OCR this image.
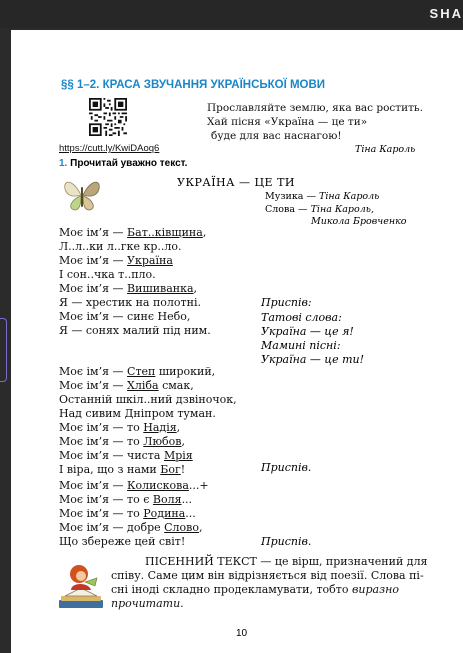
SHA
§§ 1–2. КРАСА ЗВУЧАННЯ УКРАЇНСЬКОЇ МОВИ
Прославляйте землю, яка вас ростить.
Хай пісня «Україна — це ти»
буде для вас наснагою!
Тіна Кароль
https://cutt.ly/KwiDAoq6
1. Прочитай уважно текст.
УКРАЇНА — ЦЕ ТИ
Музика — Тіна Кароль
Слова — Тіна Кароль,
Микола Бровченко
Моє ім’я — Бат..ківщина,
Л..л..ки л..гке кр..ло.
Моє ім’я — Україна
І сон..чка т..пло.
Моє ім’я — Вишиванка,
Я — хрестик на полотні.
Моє ім’я — синє Небо,
Я — сонях малий під ним.
Моє ім’я — Степ широкий,
Моє ім’я — Хліба смак,
Останній шкіл..ний дзвіночок,
Над сивим Дніпром туман.
Моє ім’я — то Надія,
Моє ім’я — то Любов,
Моє ім’я — чиста Мрія
І віра, що з нами Бог!
Моє ім’я — Колискова...+
Моє ім’я — то є Воля...
Моє ім’я — то Родина...
Моє ім’я — добре Слово,
Що збереже цей світ!
Приспів:
Татові слова:
Україна — це я!
Мамині пісні:
Україна — це ти!
Приспів.
Приспів.
ПІСЕННИЙ ТЕКСТ — це вірш, призначений для
співу. Саме цим він відрізняється від поезії. Слова пі-
сні іноді складно продекламувати, тобто виразно
прочитати.
10
